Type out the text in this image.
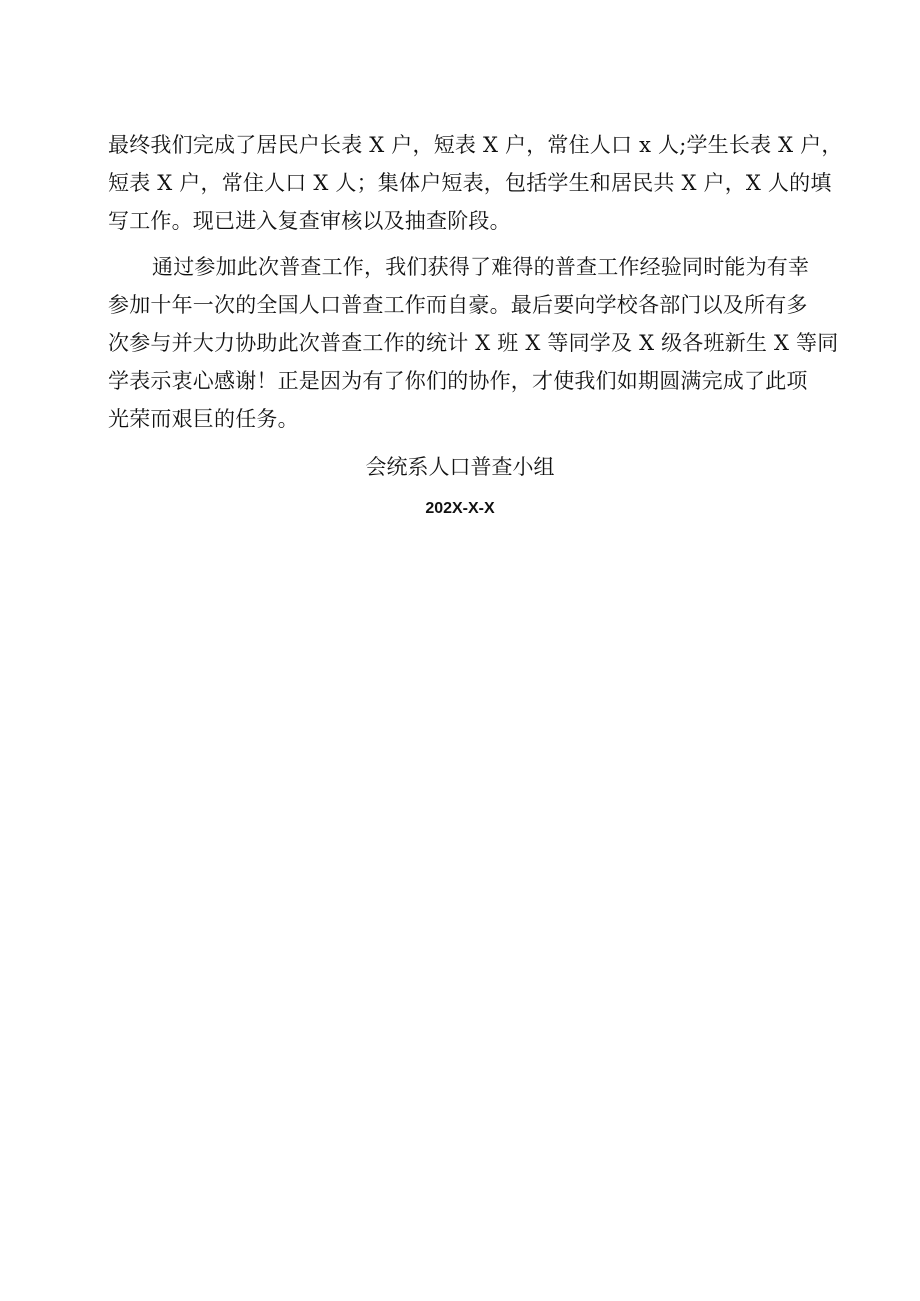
最终我们完成了居民户长表 X 户，短表 X 户，常住人口 x 人;学生长表 X 户，
短表 X 户，常住人口 X 人；集体户短表，包括学生和居民共 X 户，X 人的填
写工作。现已进入复查审核以及抽查阶段。
通过参加此次普查工作，我们获得了难得的普查工作经验同时能为有幸
参加十年一次的全国人口普查工作而自豪。最后要向学校各部门以及所有多
次参与并大力协助此次普查工作的统计 X 班 X 等同学及 X 级各班新生 X 等同
学表示衷心感谢！正是因为有了你们的协作，才使我们如期圆满完成了此项
光荣而艰巨的任务。
会统系人口普查小组
202X-X-X
